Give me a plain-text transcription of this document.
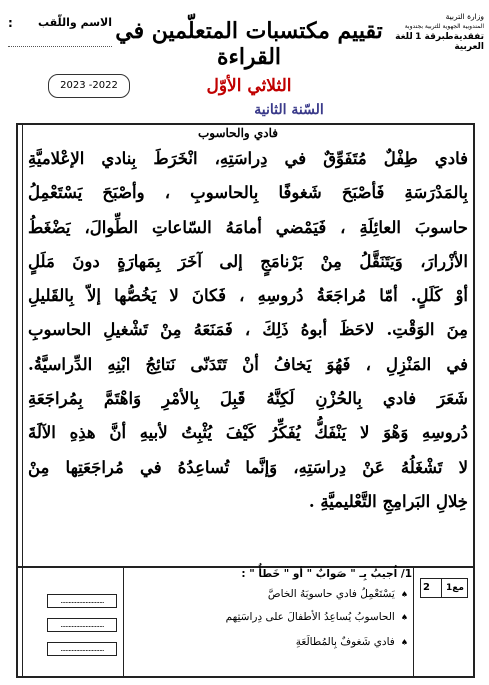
وزارة التربية
المندوبية الجهوية للتربية بجندوبة
تفقديةطبرقة 1 للغة
العربية
تقييم مكتسبات المتعلّمين في القراءة
الثلاثي الأوّل
السّنة الثانية
الاسم واللّقب
:
2023 -2022
فادي والحاسوب
فادي طِفْلٌ مُتَفَوِّقٌ في دِراسَتِهِ، انْخَرَطَ بِنادي الإعْلاميَّةِ
بِالمَدْرَسَةِ فَأصْبَحَ شَغوفًا بِالحاسوبِ ، وأصْبَحَ يَسْتَعْمِلُ
حاسوبَ العائِلَةِ ، فَيَمْضي أمامَهُ السّاعاتِ الطِّوالَ، يَضْغَطُ
الأزْرارَ، وَيَتَنَقَّلُ مِنْ بَرْنامَجٍ إلى آخَرَ بِمَهارَةٍ دونَ مَلَلٍ
أوْ كَلَلٍ. أمّا مُراجَعَةُ دُروسِهِ ، فَكانَ لا يَخُصُّها إلاّ بِالقَليلِ
مِنَ الوَقْتِ. لاحَظَ أبوهُ ذَلِكَ ، فَمَنَعَهُ مِنْ تَشْغيلِ الحاسوبِ
في المَنْزِلِ ، فَهُوَ يَخافُ أنْ تَتَدَنّى نَتائِجُ ابْنِهِ الدِّراسيَّةُ.
شَعَرَ فادي بِالحُزْنِ لَكِنَّهُ قَبِلَ بِالأمْرِ وَاهْتَمَّ بِمُراجَعَةِ
دُروسِهِ وَهْوَ لا يَنْفَكُّ يُفَكِّرُ كَيْفَ يُثْبِتُ لأبيهِ أنَّ هذِهِ الآلَةَ
لا تَشْغَلُهُ عَنْ دِراسَتِهِ، وَإنَّما تُساعِدُهُ في مُراجَعَتِها مِنْ
خِلالِ البَرامِجِ التَّعْليميَّةِ .
2 مع1
1/ اُجيبُ بِـ " صَوابٌ " أو " خَطأٌ " :
♠يَسْتَعْمِلُ فادي حاسوبَهُ الخاصَّ
♠الحاسوبُ يُساعِدُ الأطفالَ على دِراسَتِهم
♠فادي شَغوفٌ بِالمُطالَعَةِ
............................
............................
............................
